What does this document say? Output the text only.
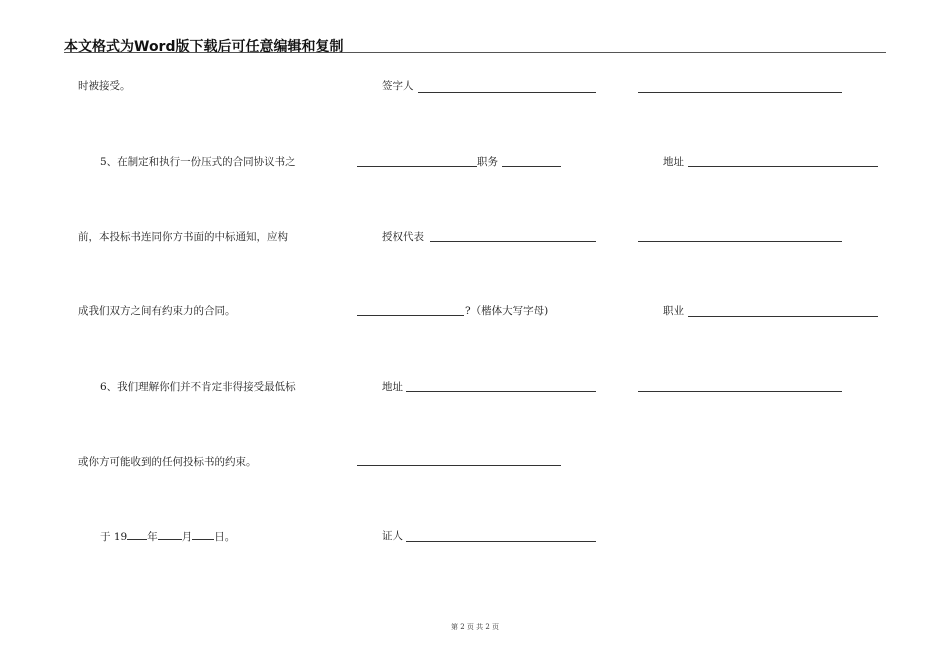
本文格式为Word版下载后可任意编辑和复制
时被接受。
5、在制定和执行一份压式的合同协议书之
前，本投标书连同你方书面的中标通知，应构
成我们双方之间有约束力的合同。
6、我们理解你们并不肯定非得接受最低标
或你方可能收到的任何投标书的约束。
于 19 年 月 日。
签字人
职务
授权代表
?（楷体大写字母)
地址
证人
地址
职业
第 2 页 共 2 页
